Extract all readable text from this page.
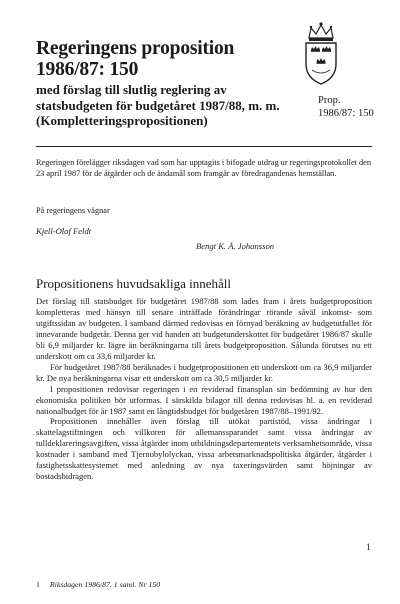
Regeringens proposition
1986/87: 150
med förslag till slutlig reglering av statsbudgeten för budgetåret 1987/88, m. m. (Kompletteringspropositionen)
Prop.
1986/87: 150
Regeringen förelägger riksdagen vad som har upptagits i bifogade utdrag ur regeringsprotokollet den 23 april 1987 för de åtgärder och de ändamål som framgår av föredragandenas hemställan.
På regeringens vägnar
Kjell-Olof Feldt
Bengt K. Å. Johansson
Propositionens huvudsakliga innehåll

Det förslag till statsbudget för budgetåret 1987/88 som lades fram i årets budgetproposition kompletteras med hänsyn till senare inträffade förändringar rörande såväl inkomst- som utgiftssidan av budgeten. I samband därmed redovisas en förnyad beräkning av budgetutfallet för innevarande budgetår. Denna ger vid handen att budgetunderskottet för budgetåret 1986/87 skulle bli 6,9 miljarder kr. lägre än beräkningarna till årets budgetproposition. Sålunda förutses nu ett underskott om ca 33,6 miljarder kr.

För budgetåret 1987/88 beräknades i budgetpropositionen ett underskott om ca 36,9 miljarder kr. De nya beräkningarna visar ett underskott om ca 30,5 miljarder kr.

I propositionen redovisar regeringen i en reviderad finansplan sin bedömning av hur den ekonomiska politiken bör utformas. I särskilda bilagor till denna redovisas bl. a. en reviderad nationalbudget för år 1987 samt en långtidsbudget för budgetåren 1987/88–1991/92.

Propositionen innehåller även förslag till utökat partistöd, vissa ändringar i skattelagstiftningen och villkoren för allemanssparandet samt vissa ändringar av tulldeklareringsavgiften, vissa åtgärder inom utbildningsdepartementets verksamhetsområde, vissa kostnader i samband med Tjernobylolyckan, vissa arbetsmarknadspolitiska åtgärder, åtgärder i fastighetsskattesystemet med anledning av nya taxeringsvärden samt höjningar av bostadsbidragen.

1
1 Riksdagen 1986/87. 1 saml. Nr 150
